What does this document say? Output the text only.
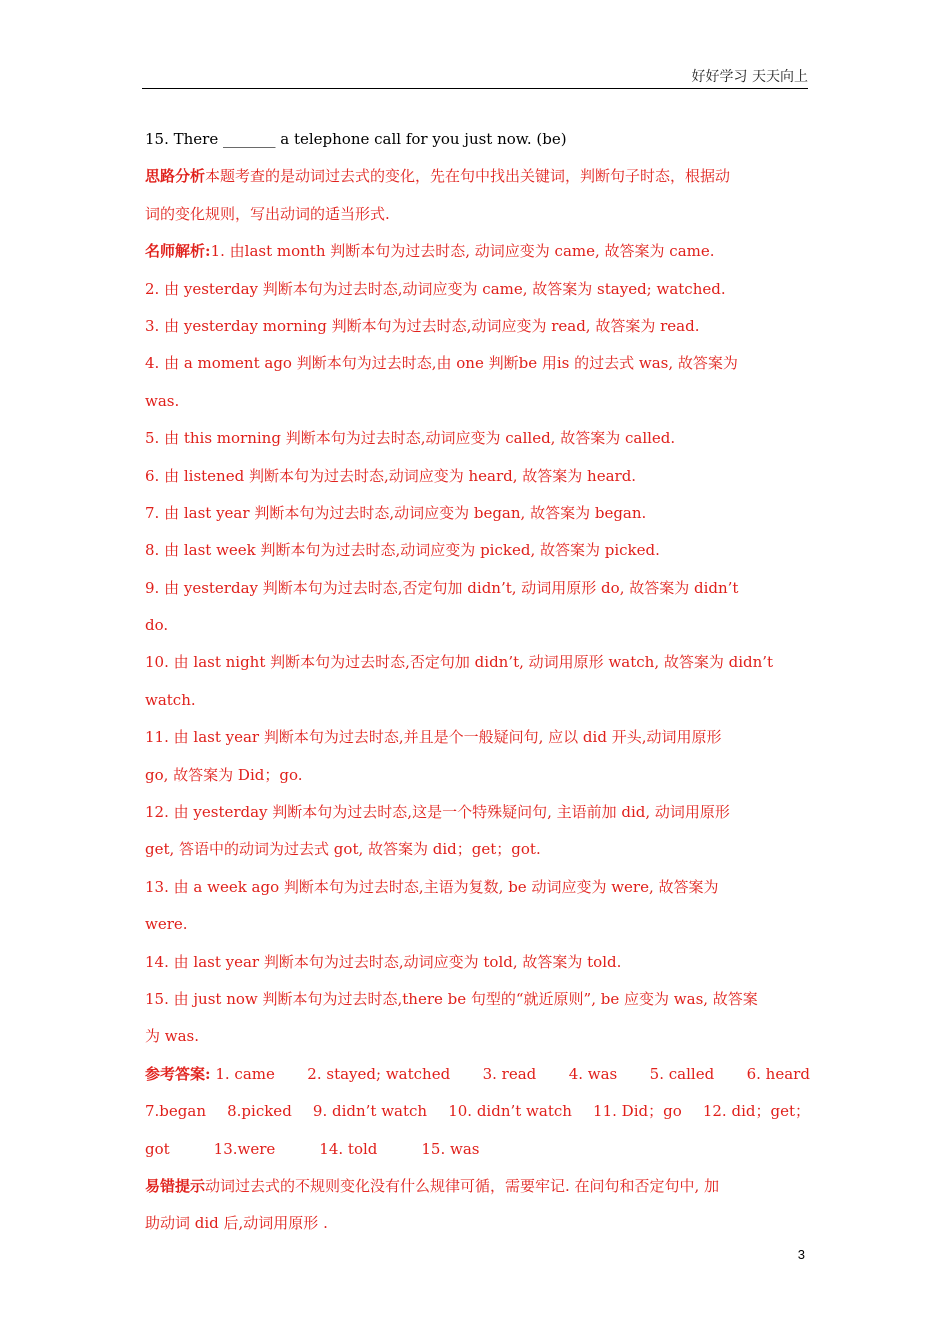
好好学习 天天向上
15. There _______ a telephone call for you just now. (be)
思路分析本题考查的是动词过去式的变化，先在句中找出关键词，判断句子时态，根据动
词的变化规则，写出动词的适当形式.
名师解析:1. 由last month 判断本句为过去时态, 动词应变为 came, 故答案为 came.
2. 由 yesterday 判断本句为过去时态,动词应变为 came, 故答案为 stayed; watched.
3. 由 yesterday morning 判断本句为过去时态,动词应变为 read, 故答案为 read.
4. 由 a moment ago 判断本句为过去时态,由 one 判断be 用is 的过去式 was, 故答案为
was.
5. 由 this morning 判断本句为过去时态,动词应变为 called, 故答案为 called.
6. 由 listened 判断本句为过去时态,动词应变为 heard, 故答案为 heard.
7. 由 last year 判断本句为过去时态,动词应变为 began, 故答案为 began.
8. 由 last week 判断本句为过去时态,动词应变为 picked, 故答案为 picked.
9. 由 yesterday 判断本句为过去时态,否定句加 didn’t, 动词用原形 do, 故答案为 didn’t
do.
10. 由 last night 判断本句为过去时态,否定句加 didn’t, 动词用原形 watch, 故答案为 didn’t
watch.
11. 由 last year 判断本句为过去时态,并且是个一般疑问句, 应以 did 开头,动词用原形
go, 故答案为 Did；go.
12. 由 yesterday 判断本句为过去时态,这是一个特殊疑问句, 主语前加 did, 动词用原形
get, 答语中的动词为过去式 got, 故答案为 did；get；got.
13. 由 a week ago 判断本句为过去时态,主语为复数, be 动词应变为 were, 故答案为
were.
14. 由 last year 判断本句为过去时态,动词应变为 told, 故答案为 told.
15. 由 just now 判断本句为过去时态,there be 句型的“就近原则”, be 应变为 was, 故答案
为 was.
参考答案: 1. came 2. stayed; watched 3. read 4. was 5. called 6. heard
7.began 8.picked 9. didn’t watch 10. didn’t watch 11. Did；go 12. did；get；
got	13.were	14. told	15. was
易错提示动词过去式的不规则变化没有什么规律可循，需要牢记. 在问句和否定句中, 加
助动词 did 后,动词用原形 .
3
